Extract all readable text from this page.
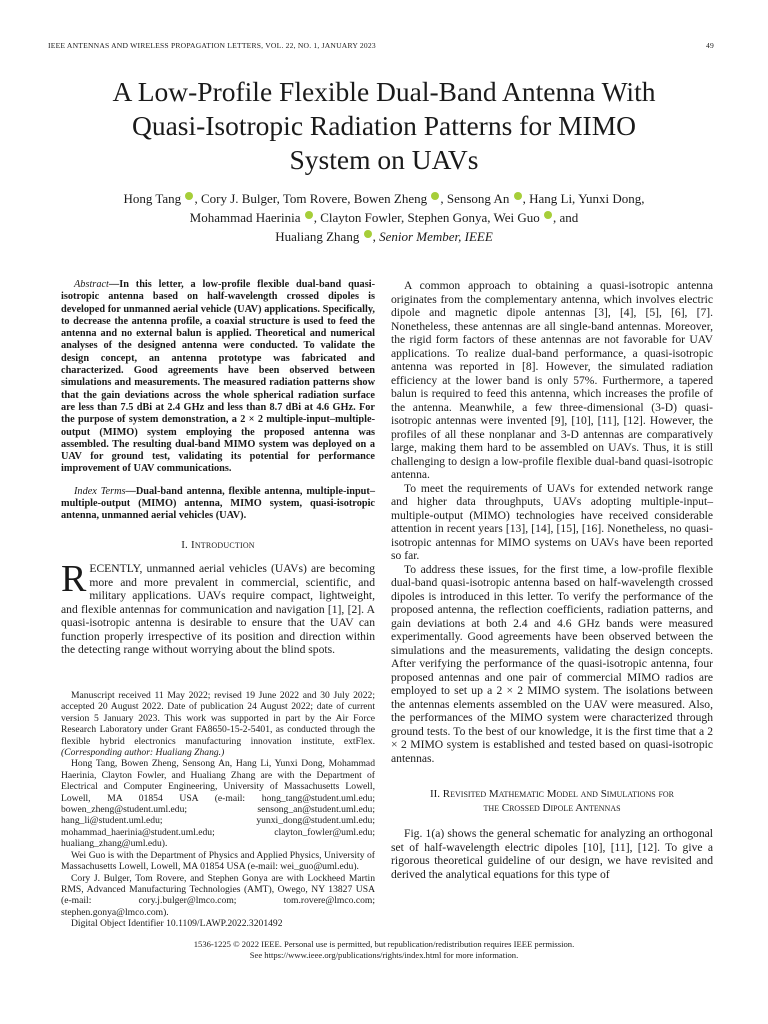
IEEE ANTENNAS AND WIRELESS PROPAGATION LETTERS, VOL. 22, NO. 1, JANUARY 2023	49
A Low-Profile Flexible Dual-Band Antenna With
Quasi-Isotropic Radiation Patterns for MIMO
System on UAVs
Hong Tang , Cory J. Bulger, Tom Rovere, Bowen Zheng , Sensong An , Hang Li, Yunxi Dong,
Mohammad Haerinia , Clayton Fowler, Stephen Gonya, Wei Guo , and
Hualiang Zhang , Senior Member, IEEE

Abstract—In this letter, a low-profile flexible dual-band quasi-isotropic antenna based on half-wavelength crossed dipoles is developed for unmanned aerial vehicle (UAV) applications. Specifically, to decrease the antenna profile, a coaxial structure is used to feed the antenna and no external balun is applied. Theoretical and numerical analyses of the designed antenna were conducted. To validate the design concept, an antenna prototype was fabricated and characterized. Good agreements have been observed between simulations and measurements. The measured radiation patterns show that the gain deviations across the whole spherical radiation surface are less than 7.5 dBi at 2.4 GHz and less than 8.7 dBi at 4.6 GHz. For the purpose of system demonstration, a 2 × 2 multiple-input–multiple-output (MIMO) system employing the proposed antenna was assembled. The resulting dual-band MIMO system was deployed on a UAV for ground test, validating its potential for performance improvement of UAV communications.

Index Terms—Dual-band antenna, flexible antenna, multiple-input–multiple-output (MIMO) antenna, MIMO system, quasi-isotropic antenna, unmanned aerial vehicles (UAV).

I. Introduction

RECENTLY, unmanned aerial vehicles (UAVs) are becoming more and more prevalent in commercial, scientific, and military applications. UAVs require compact, lightweight, and flexible antennas for communication and navigation [1], [2]. A quasi-isotropic antenna is desirable to ensure that the UAV can function properly irrespective of its position and direction within the detecting range without worrying about the blind spots.

Manuscript received 11 May 2022; revised 19 June 2022 and 30 July 2022; accepted 20 August 2022. Date of publication 24 August 2022; date of current version 5 January 2023. This work was supported in part by the Air Force Research Laboratory under Grant FA8650-15-2-5401, as conducted through the flexible hybrid electronics manufacturing innovation institute, extFlex. (Corresponding author: Hualiang Zhang.)

Hong Tang, Bowen Zheng, Sensong An, Hang Li, Yunxi Dong, Mohammad Haerinia, Clayton Fowler, and Hualiang Zhang are with the Department of Electrical and Computer Engineering, University of Massachusetts Lowell, Lowell, MA 01854 USA (e-mail: hong_tang@student.uml.edu; bowen_zheng@student.uml.edu; sensong_an@student.uml.edu; hang_li@student.uml.edu; yunxi_dong@student.uml.edu; mohammad_haerinia@student.uml.edu; clayton_fowler@uml.edu; hualiang_zhang@uml.edu).

Wei Guo is with the Department of Physics and Applied Physics, University of Massachusetts Lowell, Lowell, MA 01854 USA (e-mail: wei_guo@uml.edu).

Cory J. Bulger, Tom Rovere, and Stephen Gonya are with Lockheed Martin RMS, Advanced Manufacturing Technologies (AMT), Owego, NY 13827 USA (e-mail: cory.j.bulger@lmco.com; tom.rovere@lmco.com; stephen.gonya@lmco.com).

Digital Object Identifier 10.1109/LAWP.2022.3201492

A common approach to obtaining a quasi-isotropic antenna originates from the complementary antenna, which involves electric dipole and magnetic dipole antennas [3], [4], [5], [6], [7]. Nonetheless, these antennas are all single-band antennas. Moreover, the rigid form factors of these antennas are not favorable for UAV applications. To realize dual-band performance, a quasi-isotropic antenna was reported in [8]. However, the simulated radiation efficiency at the lower band is only 57%. Furthermore, a tapered balun is required to feed this antenna, which increases the profile of the antenna. Meanwhile, a few three-dimensional (3-D) quasi-isotropic antennas were invented [9], [10], [11], [12]. However, the profiles of all these nonplanar and 3-D antennas are comparatively large, making them hard to be assembled on UAVs. Thus, it is still challenging to design a low-profile flexible dual-band quasi-isotropic antenna.

To meet the requirements of UAVs for extended network range and higher data throughputs, UAVs adopting multiple-input–multiple-output (MIMO) technologies have received considerable attention in recent years [13], [14], [15], [16]. Nonetheless, no quasi-isotropic antennas for MIMO systems on UAVs have been reported so far.

To address these issues, for the first time, a low-profile flexible dual-band quasi-isotropic antenna based on half-wavelength crossed dipoles is introduced in this letter. To verify the performance of the proposed antenna, the reflection coefficients, radiation patterns, and gain deviations at both 2.4 and 4.6 GHz bands were measured experimentally. Good agreements have been observed between the simulations and the measurements, validating the design concepts. After verifying the performance of the quasi-isotropic antenna, four proposed antennas and one pair of commercial MIMO radios are employed to set up a 2 × 2 MIMO system. The isolations between the antennas elements assembled on the UAV were measured. Also, the performances of the MIMO system were characterized through ground tests. To the best of our knowledge, it is the first time that a 2 × 2 MIMO system is established and tested based on quasi-isotropic antennas.

II. Revisited Mathematic Model and Simulations for
the Crossed Dipole Antennas

Fig. 1(a) shows the general schematic for analyzing an orthogonal set of half-wavelength electric dipoles [10], [11], [12]. To give a rigorous theoretical guideline of our design, we have revisited and derived the analytical equations for this type of

1536-1225 © 2022 IEEE. Personal use is permitted, but republication/redistribution requires IEEE permission.
See https://www.ieee.org/publications/rights/index.html for more information.
